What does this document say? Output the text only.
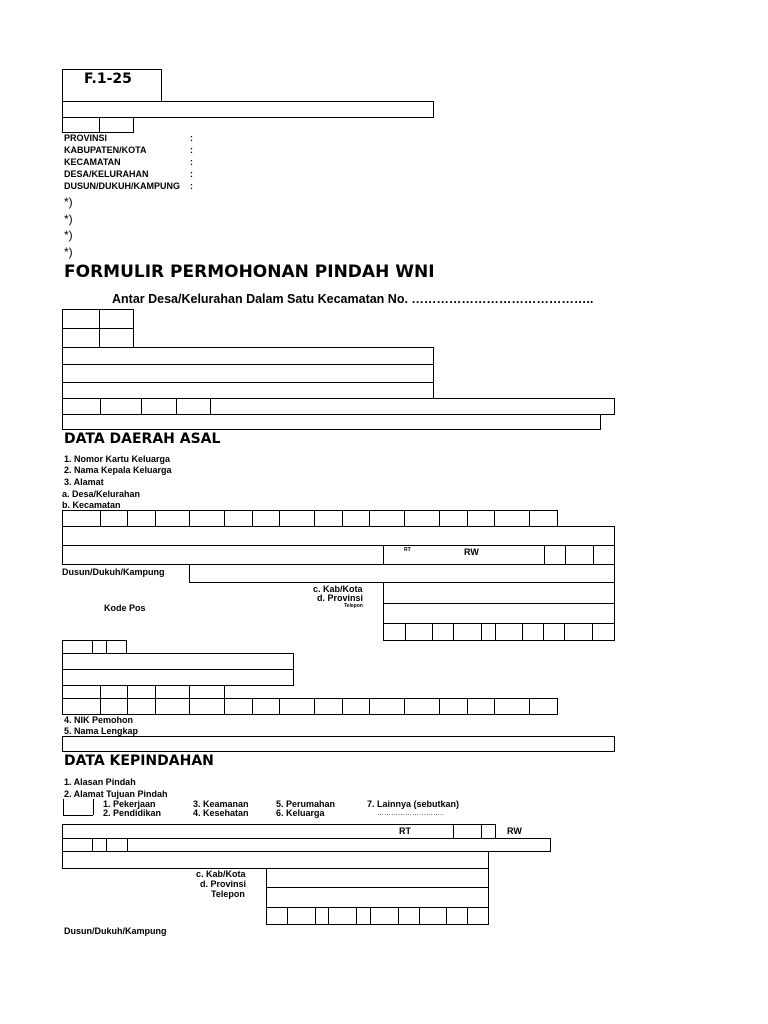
F.1-25
PROVINSI
KABUPATEN/KOTA
KECAMATAN
DESA/KELURAHAN
DUSUN/DUKUH/KAMPUNG
:
:
:
:
:
*)
*)
*)
*)
FORMULIR PERMOHONAN PINDAH WNI
Antar Desa/Kelurahan Dalam Satu Kecamatan No. ……………………………………..
DATA DAERAH ASAL
1. Nomor Kartu Keluarga
2. Nama Kepala Keluarga
3. Alamat
a. Desa/Kelurahan
b. Kecamatan
RT	RW
Dusun/Dukuh/Kampung
c. Kab/Kota
d. Provinsi
Telepon
Kode Pos
4. NIK Pemohon
5. Nama Lengkap
DATA KEPINDAHAN
1. Alasan Pindah
2. Alamat Tujuan Pindah
1. Pekerjaan
2. Pendidikan
3. Keamanan
4. Kesehatan
5. Perumahan
6. Keluarga
7. Lainnya (sebutkan)
………………………..
RT	RW
c. Kab/Kota
d. Provinsi
Telepon
Dusun/Dukuh/Kampung
